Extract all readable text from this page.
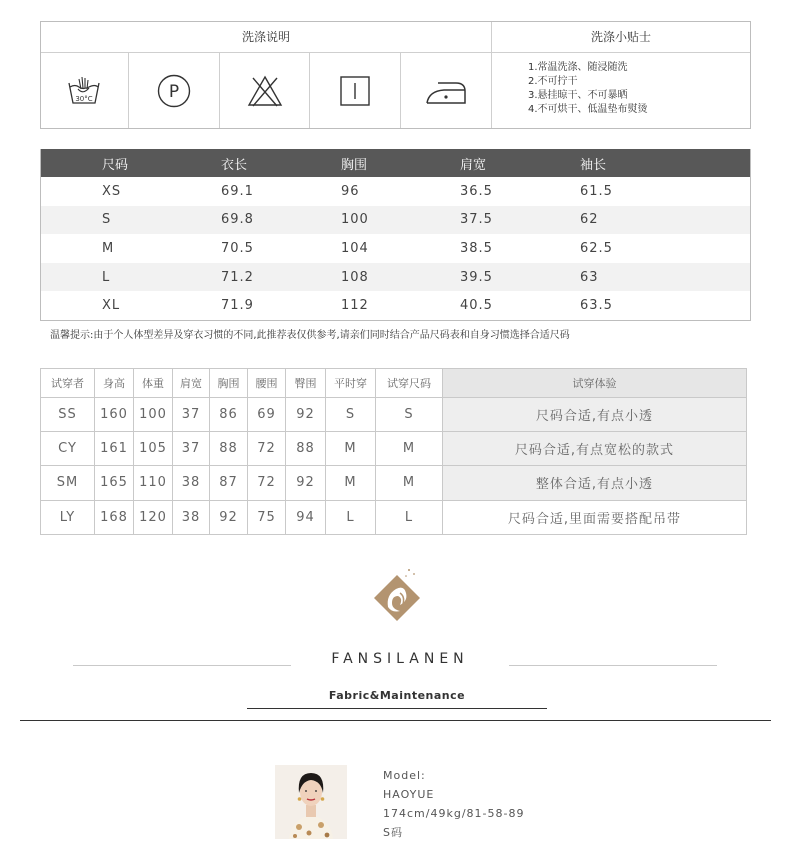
洗涤说明	洗涤小贴士
30°C	P
1.常温洗涤、随浸随洗
2.不可拧干
3.悬挂晾干、不可暴晒
4.不可烘干、低温垫布熨烫
尺码	衣长	胸围	肩宽	袖长
XS	69.1	96	36.5	61.5
S	69.8	100	37.5	62
M	70.5	104	38.5	62.5
L	71.2	108	39.5	63
XL	71.9	112	40.5	63.5
温馨提示:由于个人体型差异及穿衣习惯的不同,此推荐表仅供参考,请亲们同时结合产品尺码表和自身习惯选择合适尺码
试穿者	身高	体重	肩宽	胸围	腰围	臀围	平时穿	试穿尺码	试穿体验
SS	160	100	37	86	69	92	S	S	尺码合适,有点小透
CY	161	105	37	88	72	88	M	M	尺码合适,有点宽松的款式
SM	165	110	38	87	72	92	M	M	整体合适,有点小透
LY	168	120	38	92	75	94	L	L	尺码合适,里面需要搭配吊带
FANSILANEN
Fabric&Maintenance
Model:
HAOYUE
174cm/49kg/81-58-89
S码
